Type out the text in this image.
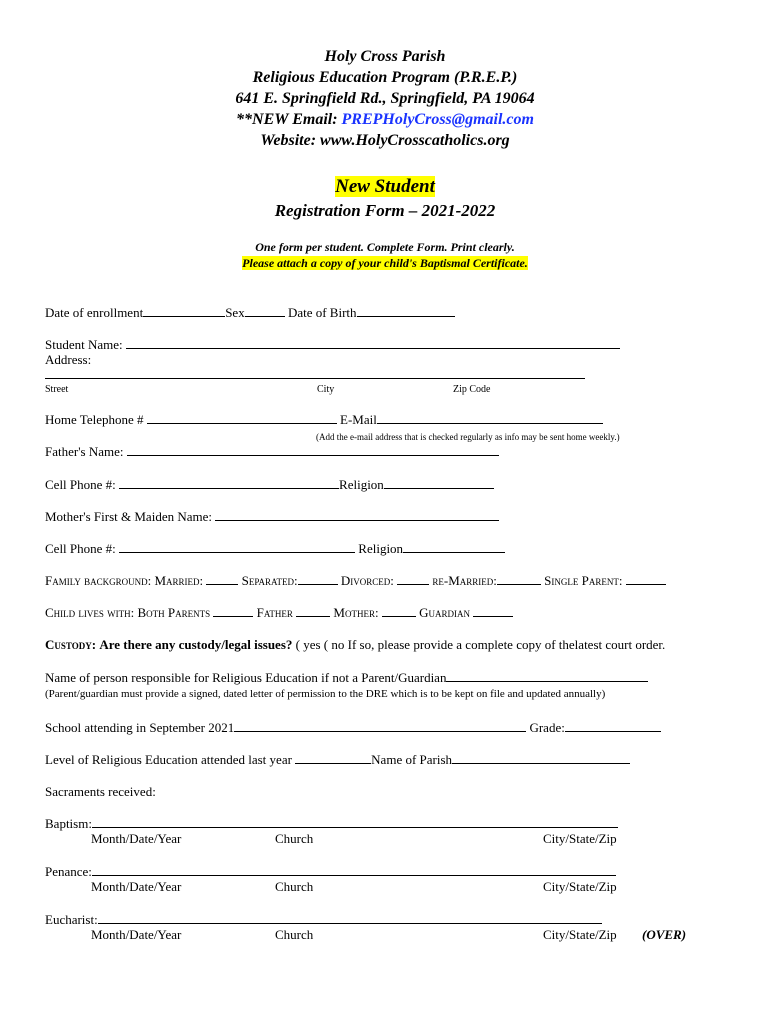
Holy Cross Parish
Religious Education Program (P.R.E.P.)
641 E. Springfield Rd., Springfield, PA 19064
**NEW Email: PREPHolyCross@gmail.com
Website: www.HolyCrosscatholics.org
New Student
Registration Form – 2021-2022
One form per student. Complete Form. Print clearly.
Please attach a copy of your child's Baptismal Certificate.
Date of enrollment	Sex	Date of Birth
Student Name:
Address:
Street	City	Zip Code
Home Telephone #	E-Mail
(Add the e-mail address that is checked regularly as info may be sent home weekly.)
Father's Name:
Cell Phone #:	Religion
Mother's First & Maiden Name:
Cell Phone #:	Religion
Family background: Married:	Separated:	Divorced:	re-Married:	Single Parent:
Child lives with: Both Parents	Father	Mother:	Guardian
Custody: Are there any custody/legal issues? ( yes ( no If so, please provide a complete copy of thelatest court order.
Name of person responsible for Religious Education if not a Parent/Guardian
(Parent/guardian must provide a signed, dated letter of permission to the DRE which is to be kept on file and updated annually)
School attending in September 2021	Grade:
Level of Religious Education attended last year	Name of Parish
Sacraments received:
Baptism:
Month/Date/Year	Church	City/State/Zip
Penance:
Month/Date/Year	Church	City/State/Zip
Eucharist:
Month/Date/Year	Church	City/State/Zip (OVER)
